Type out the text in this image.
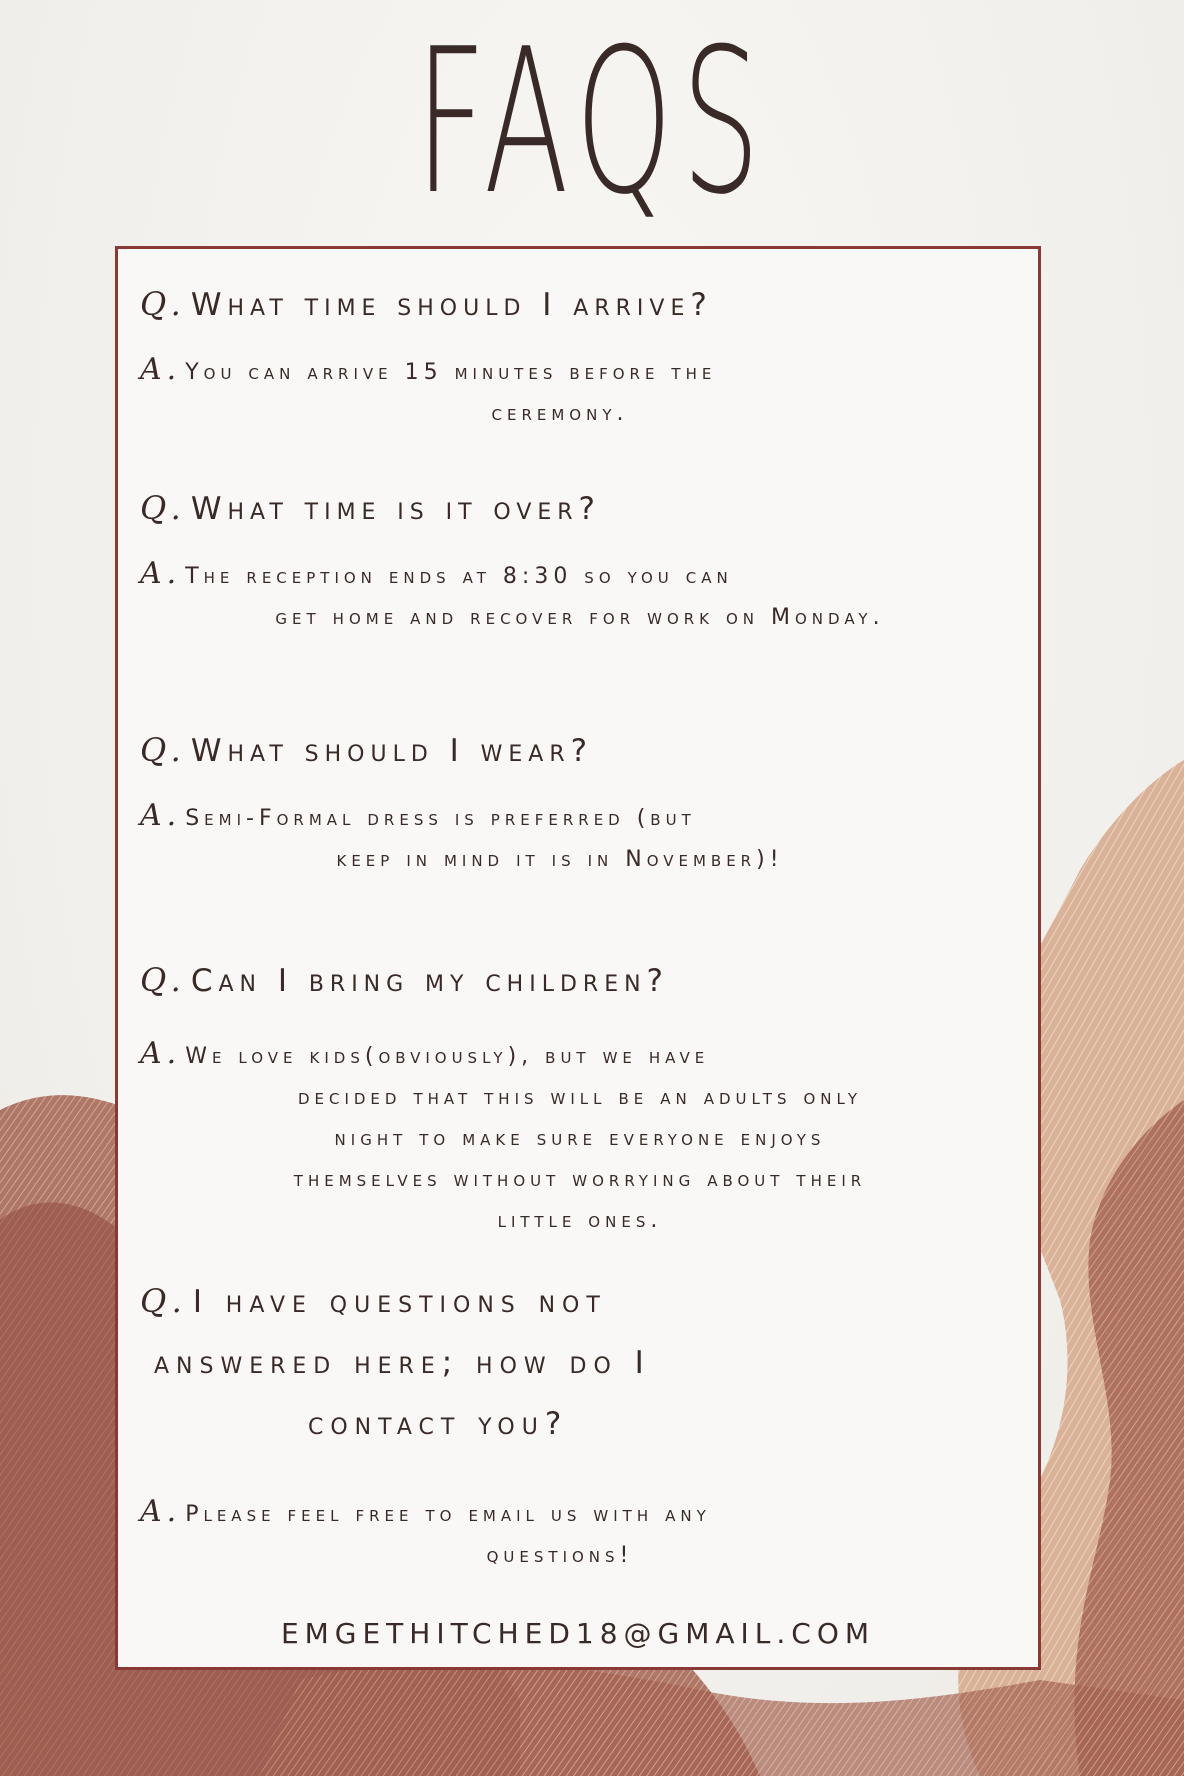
FAQS
Q. What time should I arrive?
A. You can arrive 15 minutes before the
ceremony.
Q. What time is it over?
A. The reception ends at 8:30 so you can
get home and recover for work on Monday.
Q. What should I wear?
A. Semi-Formal dress is preferred (but
keep in mind it is in November)!
Q. Can I bring my children?
A. We love kids(obviously), but we have
decided that this will be an adults only
night to make sure everyone enjoys
themselves without worrying about their
little ones.
Q. I have questions not
answered here; how do I
contact you?
A. Please feel free to email us with any
questions!
EMGETHITCHED18@GMAIL.COM
